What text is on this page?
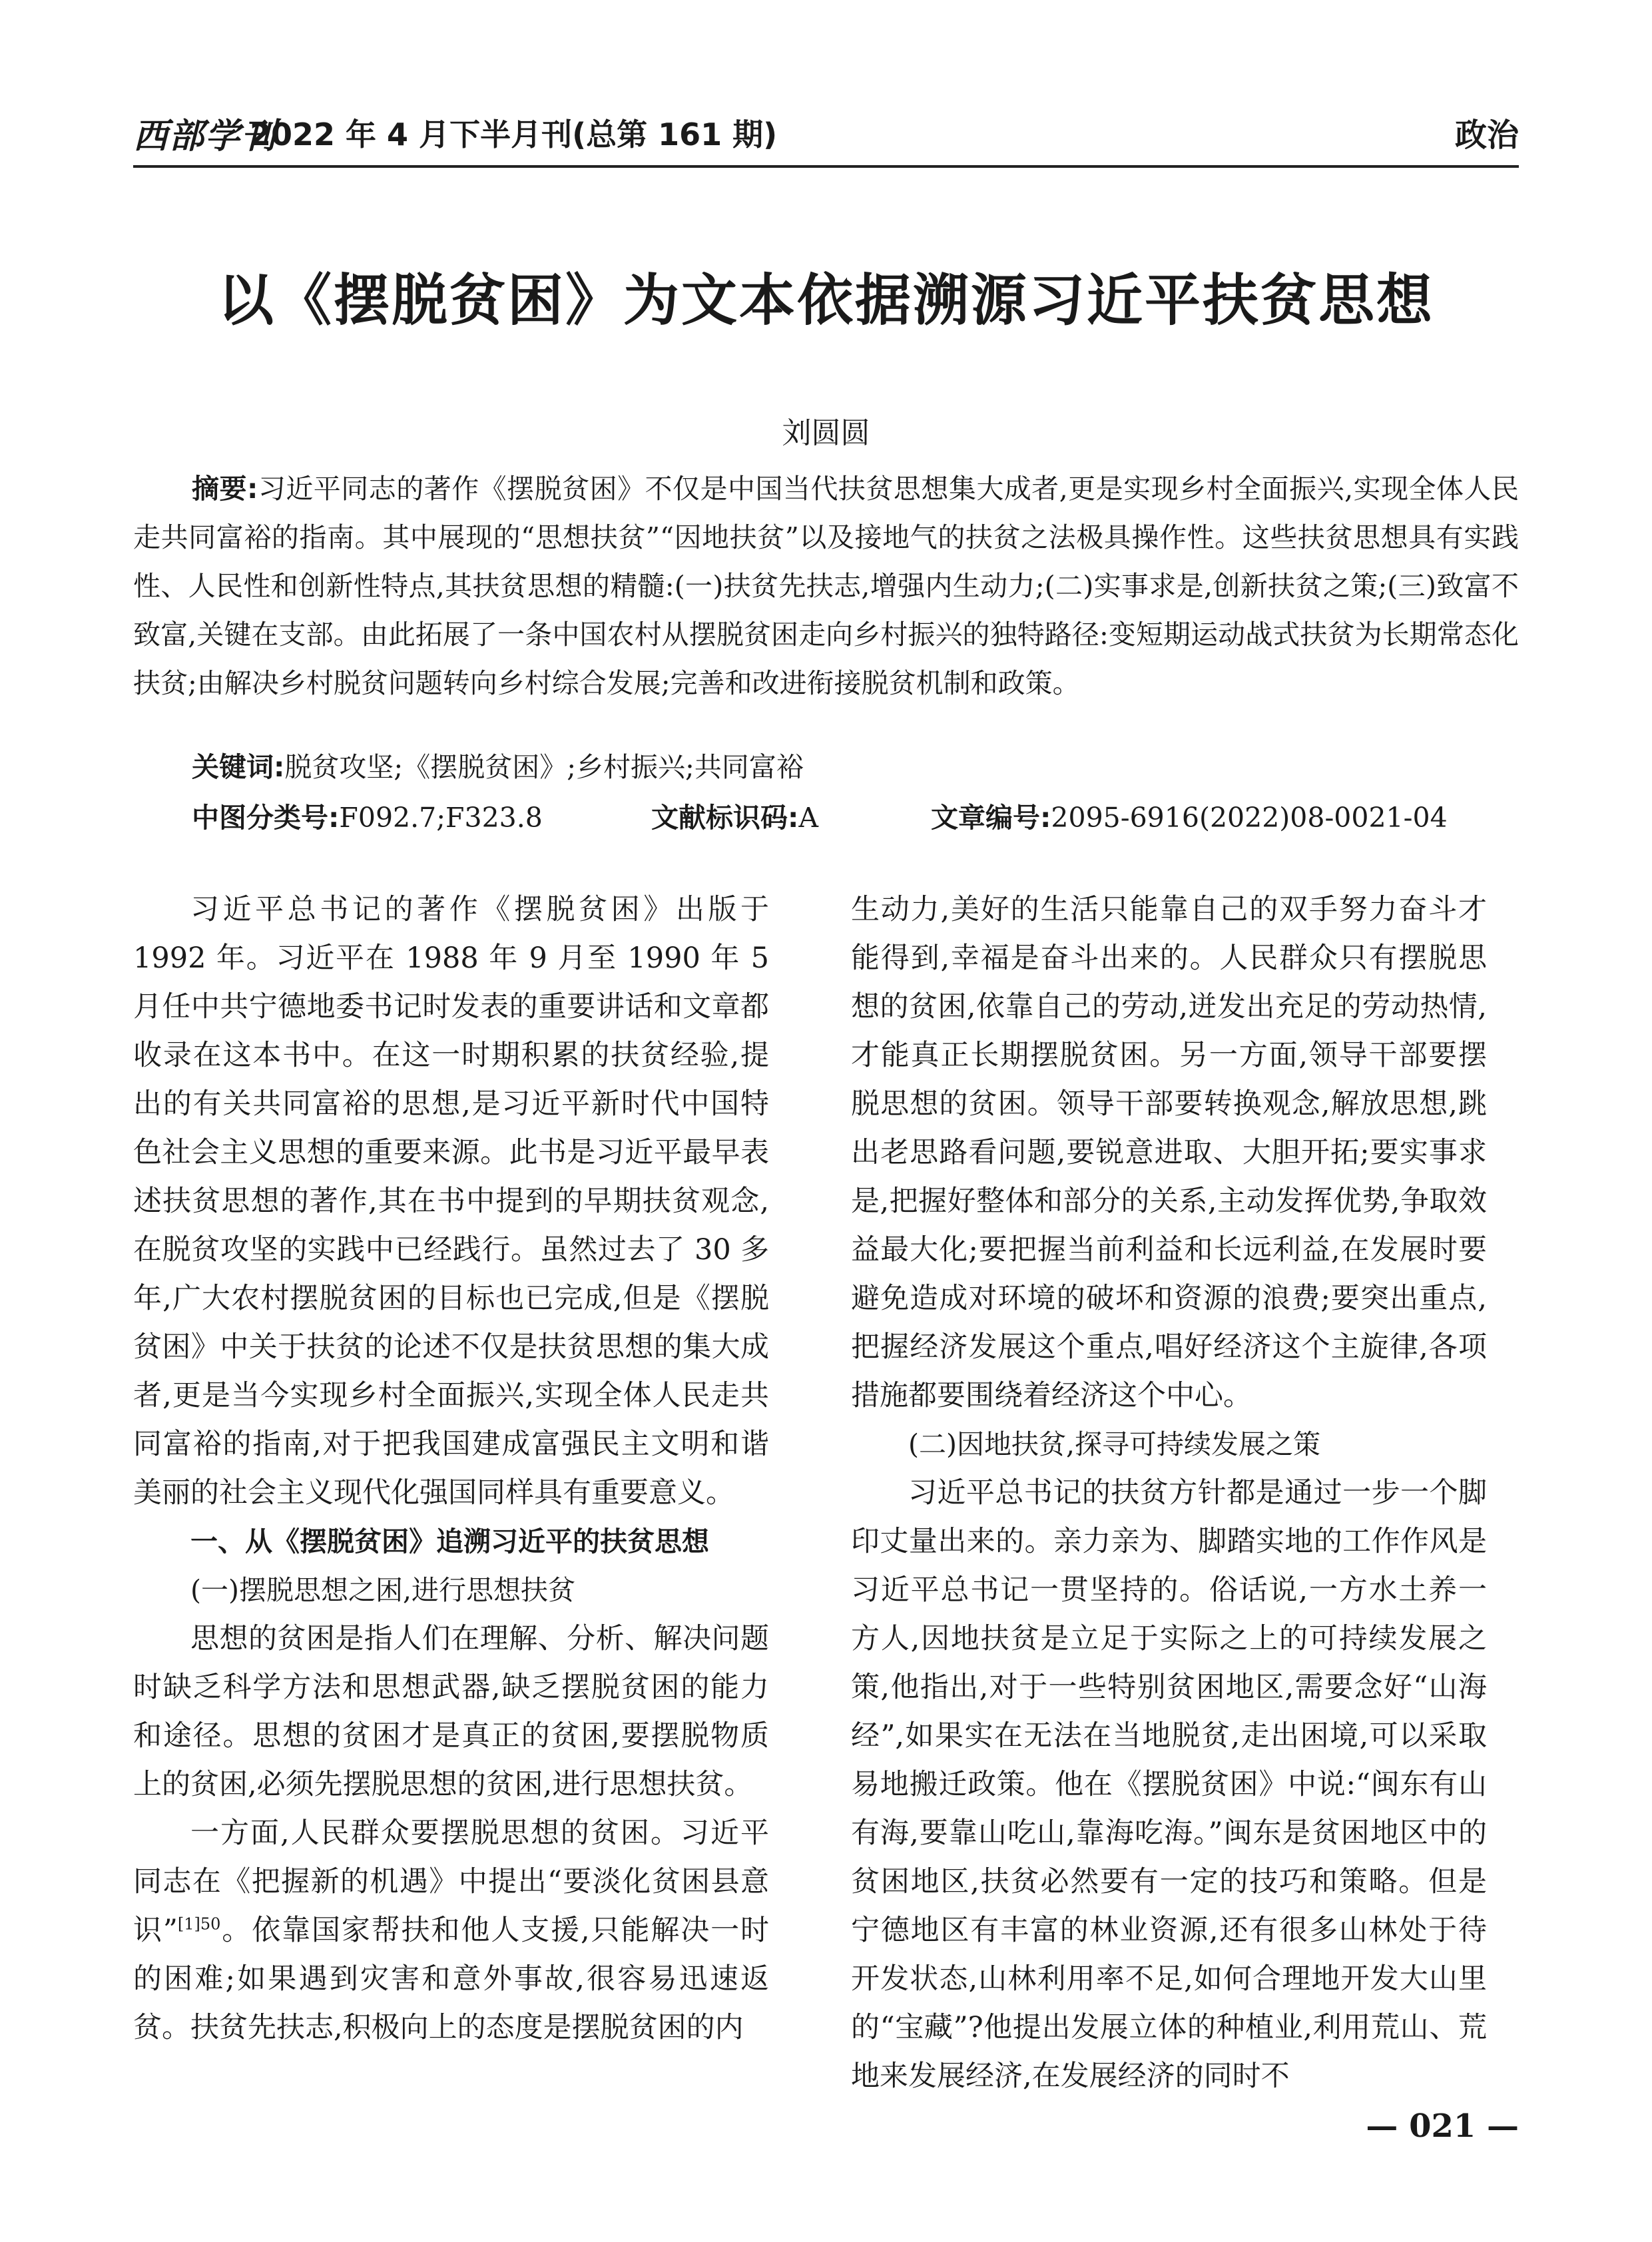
西部学刊
2022 年 4 月下半月刊(总第 161 期)	政治
以《摆脱贫困》为文本依据溯源习近平扶贫思想
刘圆圆

摘要:习近平同志的著作《摆脱贫困》不仅是中国当代扶贫思想集大成者,更是实现乡村全面振兴,实现全体人民走共同富裕的指南。其中展现的“思想扶贫”“因地扶贫”以及接地气的扶贫之法极具操作性。这些扶贫思想具有实践性、人民性和创新性特点,其扶贫思想的精髓:(一)扶贫先扶志,增强内生动力;(二)实事求是,创新扶贫之策;(三)致富不致富,关键在支部。由此拓展了一条中国农村从摆脱贫困走向乡村振兴的独特路径:变短期运动战式扶贫为长期常态化扶贫;由解决乡村脱贫问题转向乡村综合发展;完善和改进衔接脱贫机制和政策。

关键词:脱贫攻坚;《摆脱贫困》;乡村振兴;共同富裕
中图分类号:F092.7;F323.8	文献标识码:A	文章编号:2095-6916(2022)08-0021-04

习近平总书记的著作《摆脱贫困》出版于 1992 年。习近平在 1988 年 9 月至 1990 年 5 月任中共宁德地委书记时发表的重要讲话和文章都收录在这本书中。在这一时期积累的扶贫经验,提出的有关共同富裕的思想,是习近平新时代中国特色社会主义思想的重要来源。此书是习近平最早表述扶贫思想的著作,其在书中提到的早期扶贫观念,在脱贫攻坚的实践中已经践行。虽然过去了 30 多年,广大农村摆脱贫困的目标也已完成,但是《摆脱贫困》中关于扶贫的论述不仅是扶贫思想的集大成者,更是当今实现乡村全面振兴,实现全体人民走共同富裕的指南,对于把我国建成富强民主文明和谐美丽的社会主义现代化强国同样具有重要意义。

一、从《摆脱贫困》追溯习近平的扶贫思想

(一)摆脱思想之困,进行思想扶贫

思想的贫困是指人们在理解、分析、解决问题时缺乏科学方法和思想武器,缺乏摆脱贫困的能力和途径。思想的贫困才是真正的贫困,要摆脱物质上的贫困,必须先摆脱思想的贫困,进行思想扶贫。

一方面,人民群众要摆脱思想的贫困。习近平同志在《把握新的机遇》中提出“要淡化贫困县意识”$^{[1]50}$。依靠国家帮扶和他人支援,只能解决一时的困难;如果遇到灾害和意外事故,很容易迅速返贫。扶贫先扶志,积极向上的态度是摆脱贫困的内

生动力,美好的生活只能靠自己的双手努力奋斗才能得到,幸福是奋斗出来的。人民群众只有摆脱思想的贫困,依靠自己的劳动,迸发出充足的劳动热情,才能真正长期摆脱贫困。另一方面,领导干部要摆脱思想的贫困。领导干部要转换观念,解放思想,跳出老思路看问题,要锐意进取、大胆开拓;要实事求是,把握好整体和部分的关系,主动发挥优势,争取效益最大化;要把握当前利益和长远利益,在发展时要避免造成对环境的破坏和资源的浪费;要突出重点,把握经济发展这个重点,唱好经济这个主旋律,各项措施都要围绕着经济这个中心。

(二)因地扶贫,探寻可持续发展之策

习近平总书记的扶贫方针都是通过一步一个脚印丈量出来的。亲力亲为、脚踏实地的工作作风是习近平总书记一贯坚持的。俗话说,一方水土养一方人,因地扶贫是立足于实际之上的可持续发展之策,他指出,对于一些特别贫困地区,需要念好“山海经”,如果实在无法在当地脱贫,走出困境,可以采取易地搬迁政策。他在《摆脱贫困》中说:“闽东有山有海,要靠山吃山,靠海吃海。”闽东是贫困地区中的贫困地区,扶贫必然要有一定的技巧和策略。但是宁德地区有丰富的林业资源,还有很多山林处于待开发状态,山林利用率不足,如何合理地开发大山里的“宝藏”?他提出发展立体的种植业,利用荒山、荒地来发展经济,在发展经济的同时不

— 021 —
